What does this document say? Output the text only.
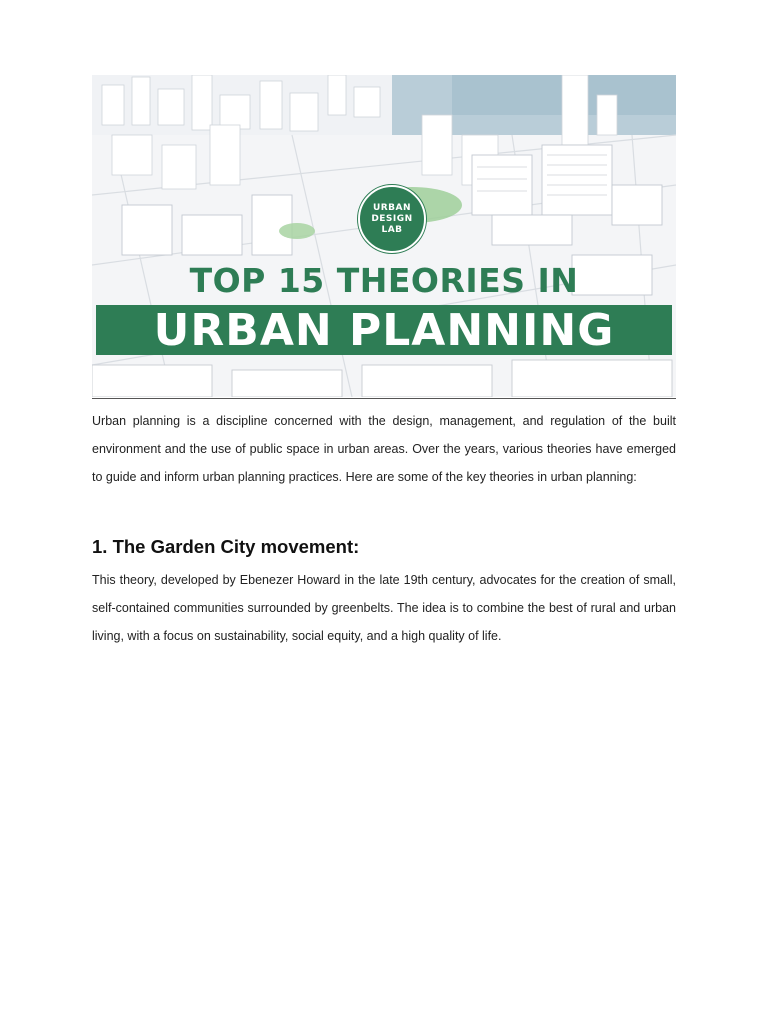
URBAN
DESIGN
LAB
TOP 15 THEORIES IN
URBAN PLANNING

Urban planning is a discipline concerned with the design, management, and regulation of the built environment and the use of public space in urban areas. Over the years, various theories have emerged to guide and inform urban planning practices. Here are some of the key theories in urban planning:

1. The Garden City movement:

This theory, developed by Ebenezer Howard in the late 19th century, advocates for the creation of small, self-contained communities surrounded by greenbelts. The idea is to combine the best of rural and urban living, with a focus on sustainability, social equity, and a high quality of life.
